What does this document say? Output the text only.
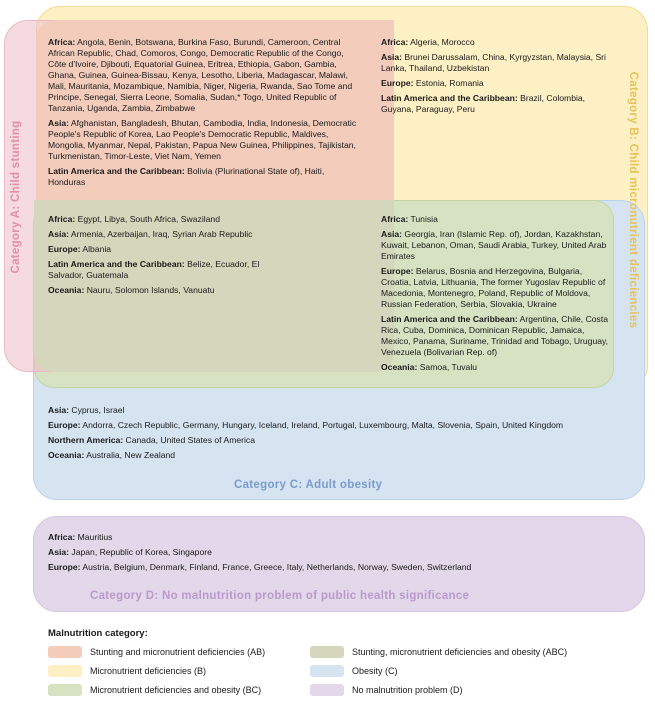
Category A: Child stunting	Category B: Child micronutrient deficiencies
Category C: Adult obesity
Category D: No malnutrition problem of public health significance

Africa: Angola, Benin, Botswana, Burkina Faso, Burundi, Cameroon, Central African Republic, Chad, Comoros, Congo, Democratic Republic of the Congo, Côte d'Ivoire, Djibouti, Equatorial Guinea, Eritrea, Ethiopia, Gabon, Gambia, Ghana, Guinea, Guinea-Bissau, Kenya, Lesotho, Liberia, Madagascar, Malawi, Mali, Mauritania, Mozambique, Namibia, Niger, Nigeria, Rwanda, Sao Tome and Principe, Senegal, Sierra Leone, Somalia, Sudan,* Togo, United Republic of Tanzania, Uganda, Zambia, Zimbabwe

Asia: Afghanistan, Bangladesh, Bhutan, Cambodia, India, Indonesia, Democratic People's Republic of Korea, Lao People's Democratic Republic, Maldives, Mongolia, Myanmar, Nepal, Pakistan, Papua New Guinea, Philippines, Tajikistan, Turkmenistan, Timor-Leste, Viet Nam, Yemen

Latin America and the Caribbean: Bolivia (Plurinational State of), Haiti, Honduras

Africa: Algeria, Morocco

Asia: Brunei Darussalam, China, Kyrgyzstan, Malaysia, Sri Lanka, Thailand, Uzbekistan

Europe: Estonia, Romania

Latin America and the Caribbean: Brazil, Colombia, Guyana, Paraguay, Peru

Africa: Egypt, Libya, South Africa, Swaziland

Asia: Armenia, Azerbaijan, Iraq, Syrian Arab Republic

Europe: Albania

Latin America and the Caribbean: Belize, Ecuador, El Salvador, Guatemala

Oceania: Nauru, Solomon Islands, Vanuatu

Africa: Tunisia

Asia: Georgia, Iran (Islamic Rep. of), Jordan, Kazakhstan, Kuwait, Lebanon, Oman, Saudi Arabia, Turkey, United Arab Emirates

Europe: Belarus, Bosnia and Herzegovina, Bulgaria, Croatia, Latvia, Lithuania, The former Yugoslav Republic of Macedonia, Montenegro, Poland, Republic of Moldova, Russian Federation, Serbia, Slovakia, Ukraine

Latin America and the Caribbean: Argentina, Chile, Costa Rica, Cuba, Dominica, Dominican Republic, Jamaica, Mexico, Panama, Suriname, Trinidad and Tobago, Uruguay, Venezuela (Bolivarian Rep. of)

Oceania: Samoa, Tuvalu

Asia: Cyprus, Israel

Europe: Andorra, Czech Republic, Germany, Hungary, Iceland, Ireland, Portugal, Luxembourg, Malta, Slovenia, Spain, United Kingdom

Northern America: Canada, United States of America

Oceania: Australia, New Zealand

Africa: Mauritius

Asia: Japan, Republic of Korea, Singapore

Europe: Austria, Belgium, Denmark, Finland, France, Greece, Italy, Netherlands, Norway, Sweden, Switzerland

Malnutrition category:
Stunting and micronutrient deficiencies (AB)
Micronutrient deficiencies (B)
Micronutrient deficiencies and obesity (BC)
Stunting, micronutrient deficiencies and obesity (ABC)
Obesity (C)
No malnutrition problem (D)
